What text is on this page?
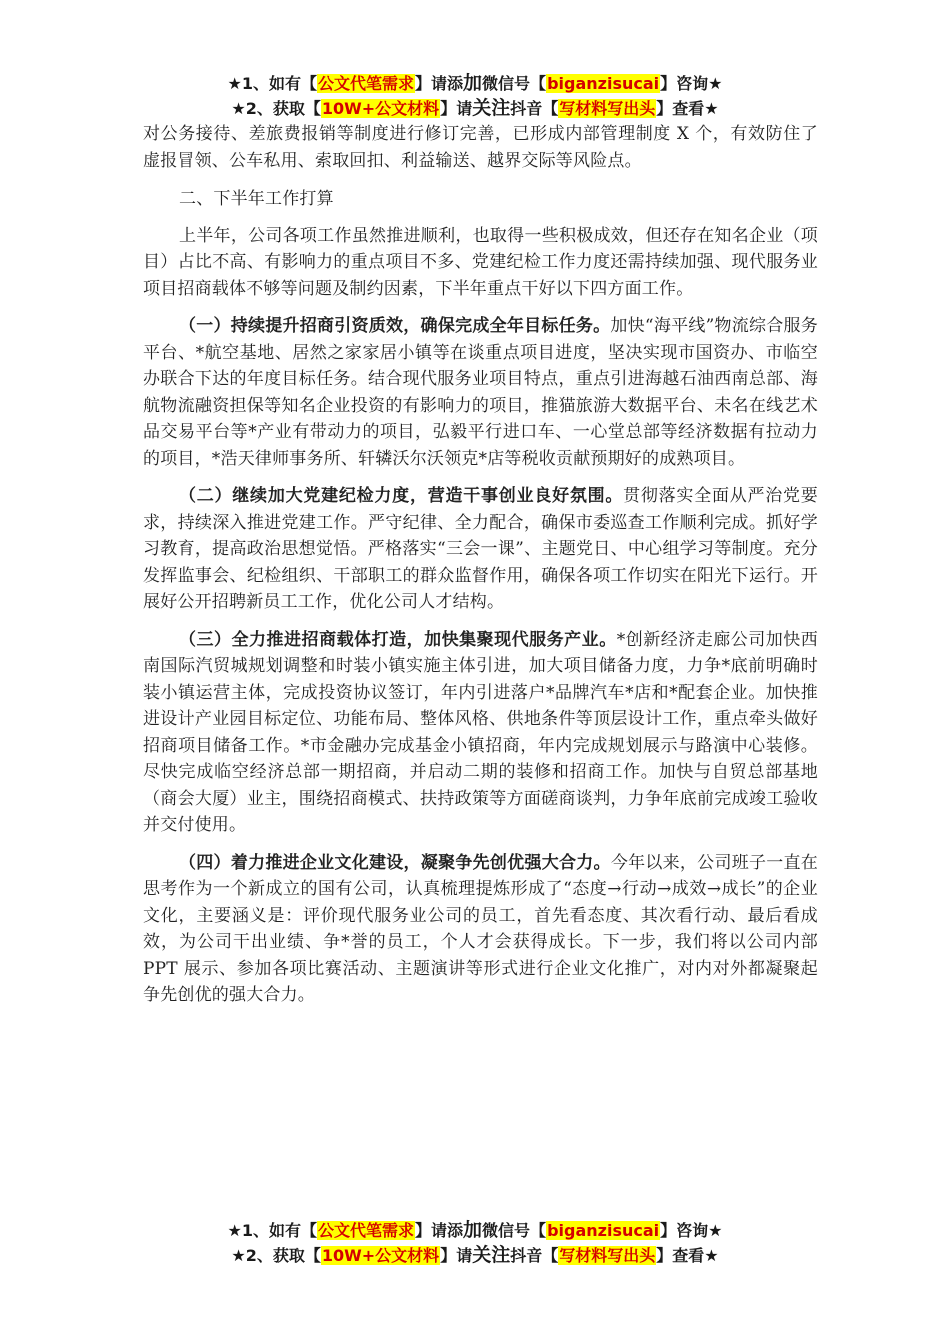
★1、如有【公文代笔需求】请添加微信号【biganzisucai】咨询★
★2、获取【10W+公文材料】请关注抖音【写材料写出头】查看★

对公务接待、差旅费报销等制度进行修订完善，已形成内部管理制度 X 个，有效防住了虚报冒领、公车私用、索取回扣、利益输送、越界交际等风险点。

二、下半年工作打算

上半年，公司各项工作虽然推进顺利，也取得一些积极成效，但还存在知名企业（项目）占比不高、有影响力的重点项目不多、党建纪检工作力度还需持续加强、现代服务业项目招商载体不够等问题及制约因素，下半年重点干好以下四方面工作。

（一）持续提升招商引资质效，确保完成全年目标任务。加快“海平线”物流综合服务平台、*航空基地、居然之家家居小镇等在谈重点项目进度，坚决实现市国资办、市临空办联合下达的年度目标任务。结合现代服务业项目特点，重点引进海越石油西南总部、海航物流融资担保等知名企业投资的有影响力的项目，推猫旅游大数据平台、未名在线艺术品交易平台等*产业有带动力的项目，弘毅平行进口车、一心堂总部等经济数据有拉动力的项目，*浩天律师事务所、轩辚沃尔沃领克*店等税收贡献预期好的成熟项目。

（二）继续加大党建纪检力度，营造干事创业良好氛围。贯彻落实全面从严治党要求，持续深入推进党建工作。严守纪律、全力配合，确保市委巡查工作顺利完成。抓好学习教育，提高政治思想觉悟。严格落实“三会一课”、主题党日、中心组学习等制度。充分发挥监事会、纪检组织、干部职工的群众监督作用，确保各项工作切实在阳光下运行。开展好公开招聘新员工工作，优化公司人才结构。

（三）全力推进招商载体打造，加快集聚现代服务产业。*创新经济走廊公司加快西南国际汽贸城规划调整和时装小镇实施主体引进，加大项目储备力度，力争*底前明确时装小镇运营主体，完成投资协议签订，年内引进落户*品牌汽车*店和*配套企业。加快推进设计产业园目标定位、功能布局、整体风格、供地条件等顶层设计工作，重点牵头做好招商项目储备工作。*市金融办完成基金小镇招商，年内完成规划展示与路演中心装修。尽快完成临空经济总部一期招商，并启动二期的装修和招商工作。加快与自贸总部基地（商会大厦）业主，围绕招商模式、扶持政策等方面磋商谈判，力争年底前完成竣工验收并交付使用。

（四）着力推进企业文化建设，凝聚争先创优强大合力。今年以来，公司班子一直在思考作为一个新成立的国有公司，认真梳理提炼形成了“态度→行动→成效→成长”的企业文化，主要涵义是：评价现代服务业公司的员工，首先看态度、其次看行动、最后看成效，为公司干出业绩、争*誉的员工，个人才会获得成长。下一步，我们将以公司内部 PPT 展示、参加各项比赛活动、主题演讲等形式进行企业文化推广，对内对外都凝聚起争先创优的强大合力。

★1、如有【公文代笔需求】请添加微信号【biganzisucai】咨询★
★2、获取【10W+公文材料】请关注抖音【写材料写出头】查看★
